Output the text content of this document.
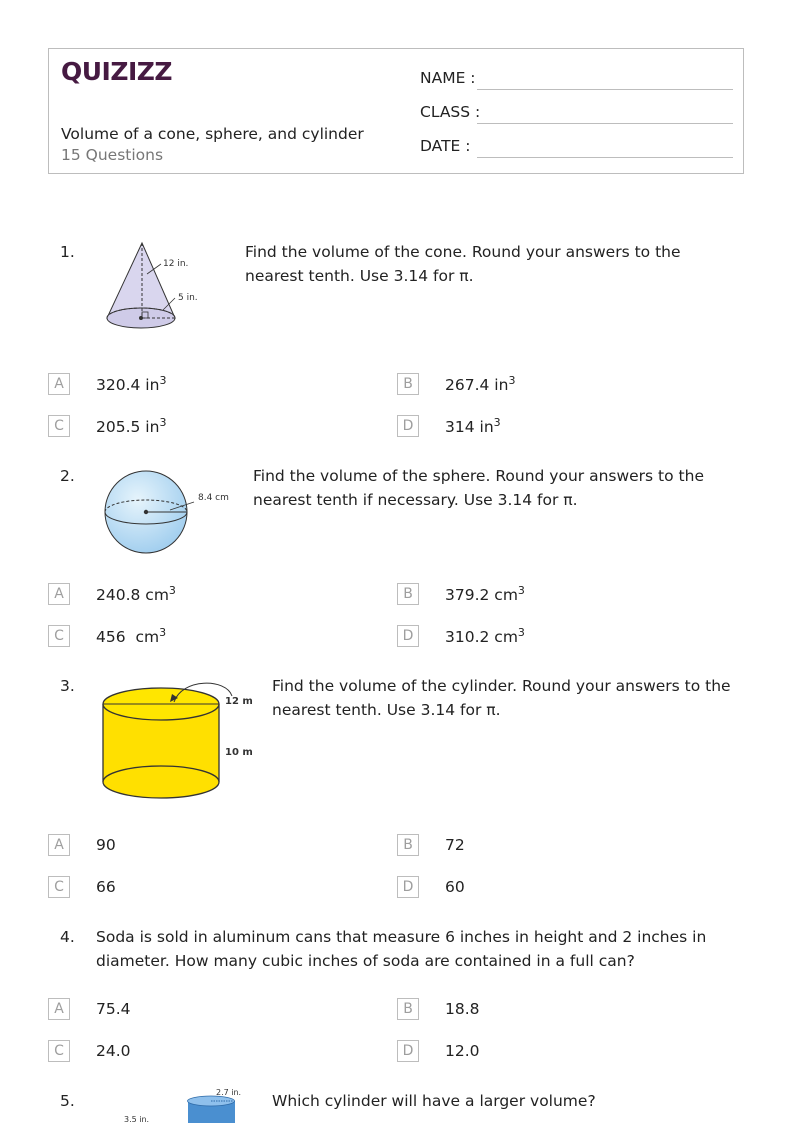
QUIZIZZ
Volume of a cone, sphere, and cylinder
15 Questions
NAME :
CLASS :
DATE :
1.
12 in.
5 in.
Find the volume of the cone. Round your answers to the nearest tenth. Use 3.14 for π.
A	320.4 $in^3$	B	267.4 $in^3$
C	205.5 $in^3$	D	314 $in^3$
2.
8.4 cm
Find the volume of the sphere. Round your answers to the nearest tenth if necessary. Use 3.14 for π.
A	240.8 $cm^3$	B	379.2 $cm^3$
C	456  $cm^3$	D	310.2 $cm^3$
3.
12 m
10 m
Find the volume of the cylinder. Round your answers to the nearest tenth. Use 3.14 for π.
A	90	B	72
C	66	D	60
4. Soda is sold in aluminum cans that measure 6 inches in height and 2 inches in diameter. How many cubic inches of soda are contained in a full can?
A	75.4	B	18.8
C	24.0	D	12.0
5.	2.7 in.
3.5 in.
Which cylinder will have a larger volume?
